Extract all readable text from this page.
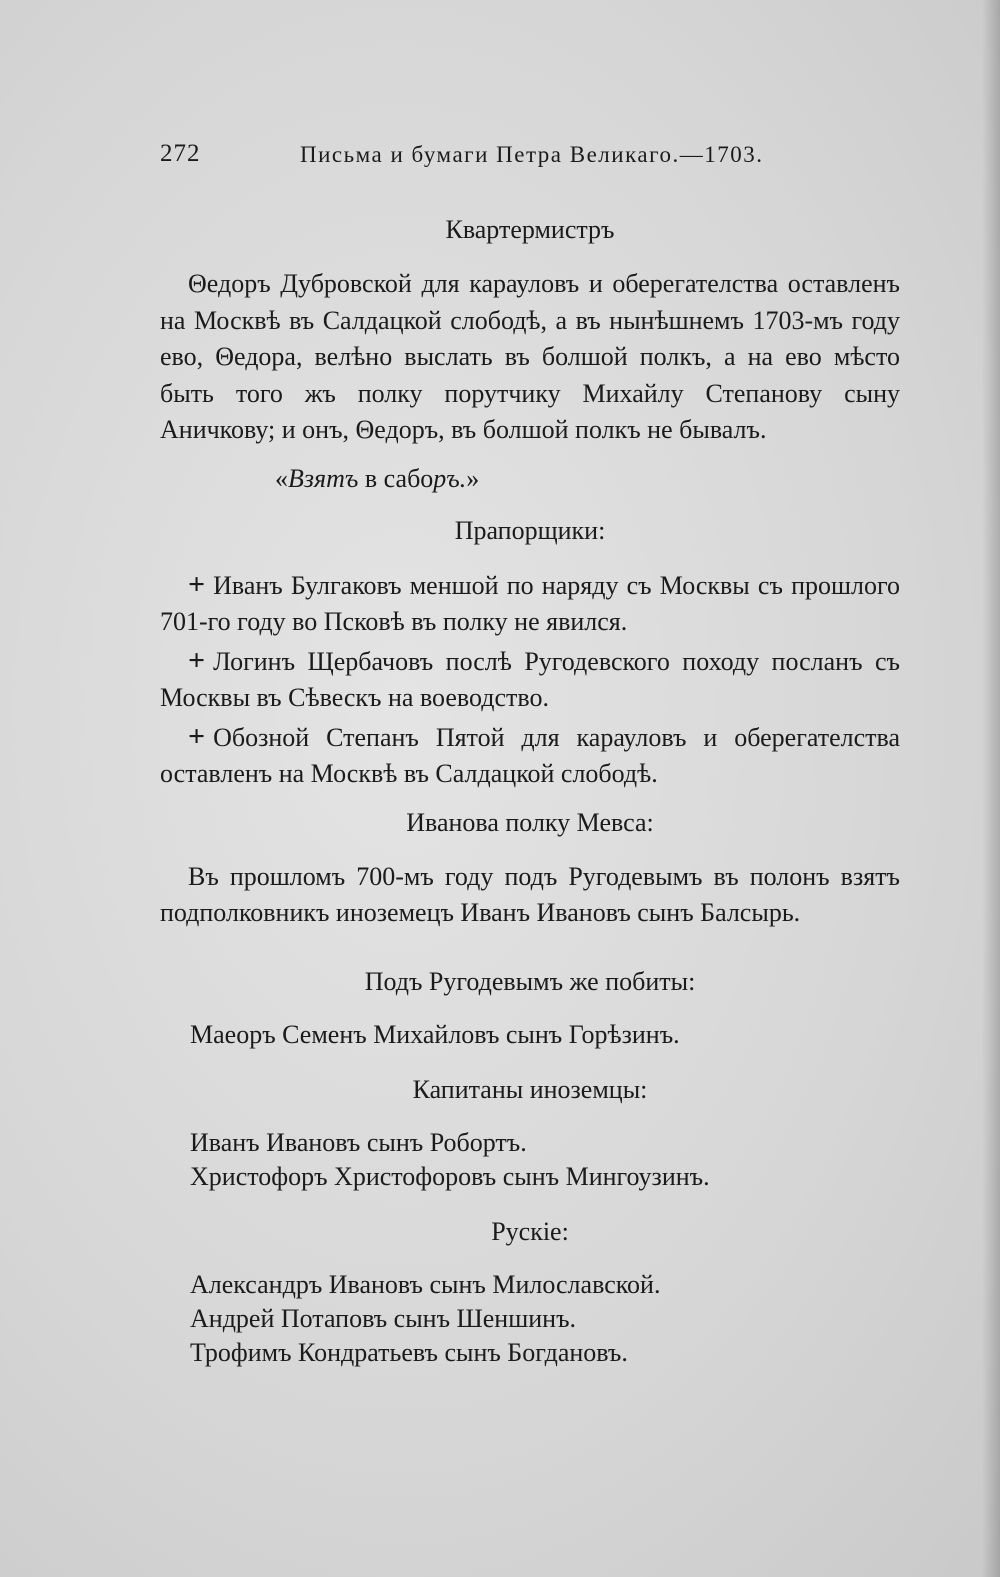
272	Письма и бумаги Петра Великаго.—1703.
Квартермистръ
Θедоръ Дубровской для карауловъ и оберегателства оставленъ на Москвѣ въ Салдацкой слободѣ, а въ нынѣшнемъ 1703-мъ году ево, Θедора, велѣно выслать въ болшой полкъ, а на ево мѣсто быть того жъ полку порутчику Михайлу Степанову сыну Аничкову; и онъ, Θедоръ, въ болшой полкъ не бывалъ.
«Взятъ в саборъ.»
Прапорщики:
+ Иванъ Булгаковъ меншой по наряду съ Москвы съ прошлого 701-го году во Псковѣ въ полку не явился.
+ Логинъ Щербачовъ послѣ Ругодевского походу посланъ съ Москвы въ Сѣвескъ на воеводство.
+ Обозной Степанъ Пятой для карауловъ и оберегателства оставленъ на Москвѣ въ Салдацкой слободѣ.
Иванова полку Мевса:
Въ прошломъ 700-мъ году подъ Ругодевымъ въ полонъ взятъ подполковникъ иноземецъ Иванъ Ивановъ сынъ Балсырь.
Подъ Ругодевымъ же побиты:
Маеоръ Семенъ Михайловъ сынъ Горѣзинъ.
Капитаны иноземцы:
Иванъ Ивановъ сынъ Робортъ.
Христофоръ Христофоровъ сынъ Мингоузинъ.
Рускіе:
Александръ Ивановъ сынъ Милославской.
Андрей Потаповъ сынъ Шеншинъ.
Трофимъ Кондратьевъ сынъ Богдановъ.
